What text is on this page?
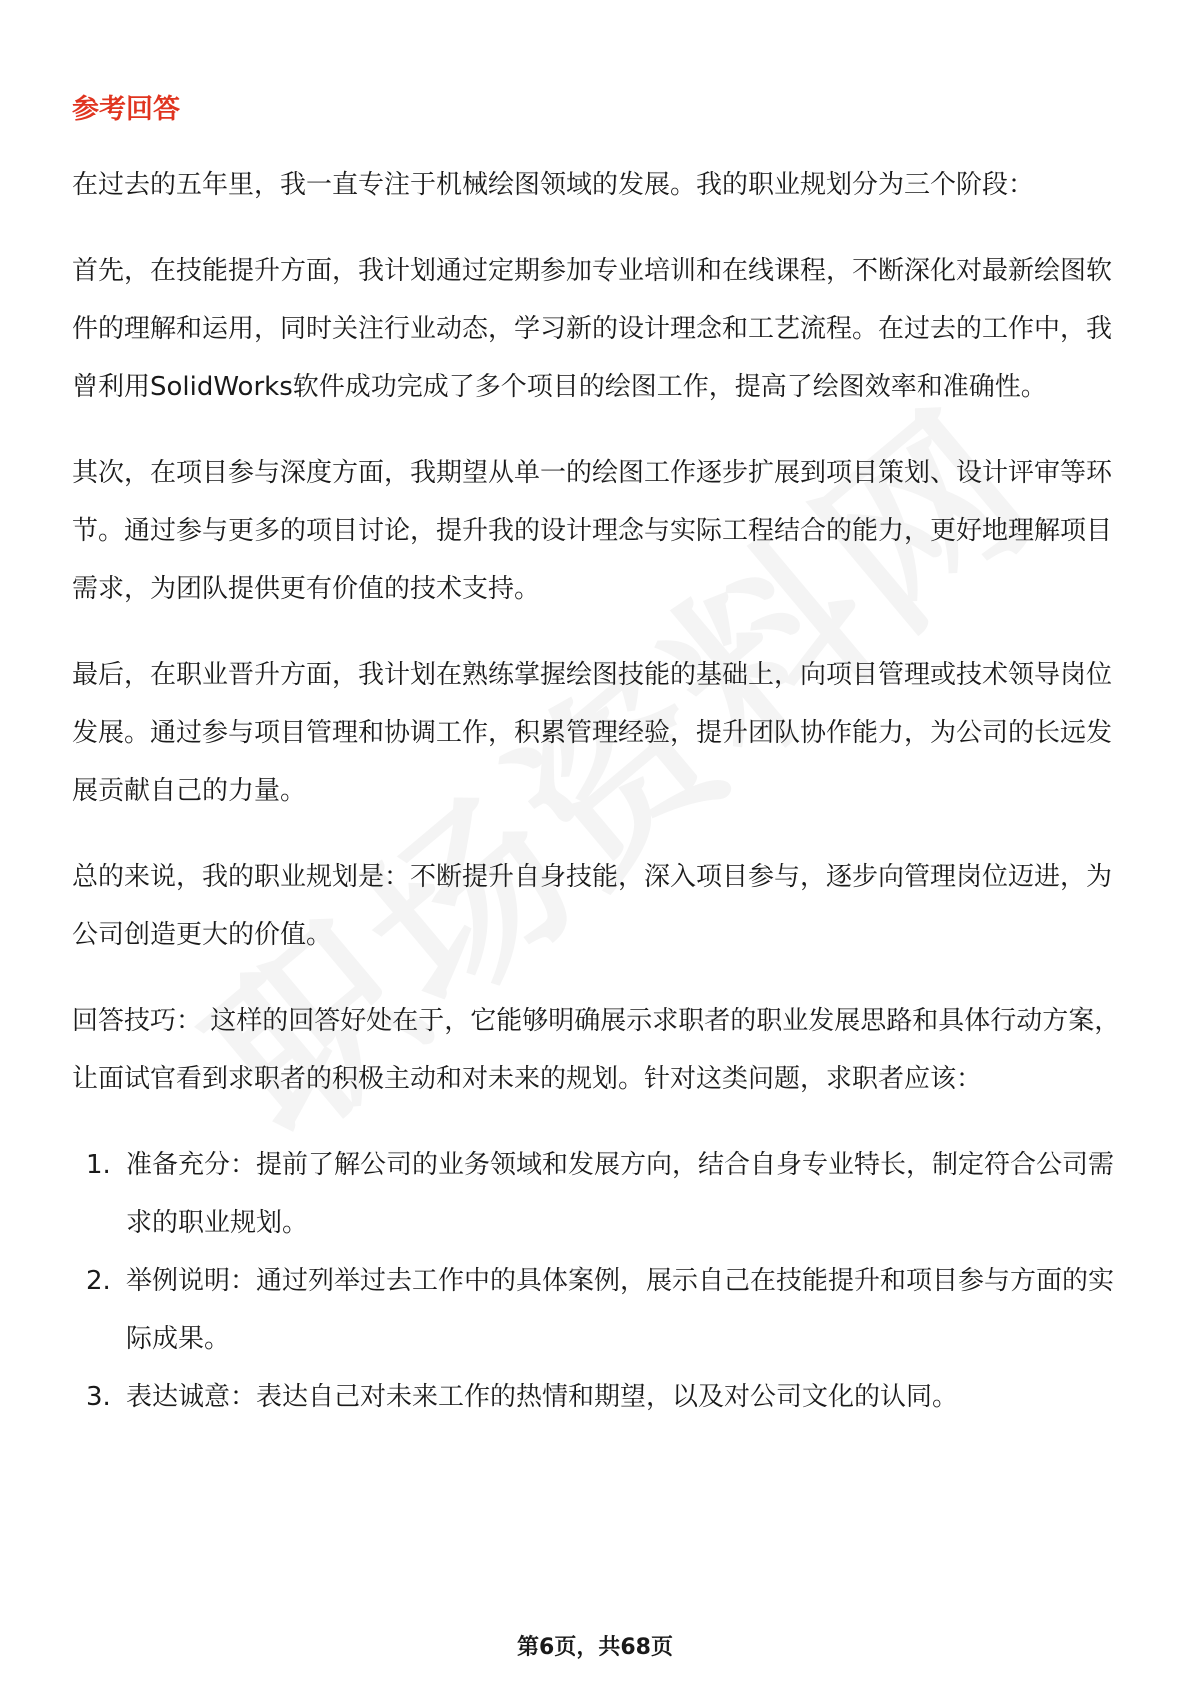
参考回答

在过去的五年里，我一直专注于机械绘图领域的发展。我的职业规划分为三个阶段：

首先，在技能提升方面，我计划通过定期参加专业培训和在线课程，不断深化对最新绘图软件的理解和运用，同时关注行业动态，学习新的设计理念和工艺流程。在过去的工作中，我曾利用SolidWorks软件成功完成了多个项目的绘图工作，提高了绘图效率和准确性。

其次，在项目参与深度方面，我期望从单一的绘图工作逐步扩展到项目策划、设计评审等环节。通过参与更多的项目讨论，提升我的设计理念与实际工程结合的能力，更好地理解项目需求，为团队提供更有价值的技术支持。

最后，在职业晋升方面，我计划在熟练掌握绘图技能的基础上，向项目管理或技术领导岗位发展。通过参与项目管理和协调工作，积累管理经验，提升团队协作能力，为公司的长远发展贡献自己的力量。

总的来说，我的职业规划是：不断提升自身技能，深入项目参与，逐步向管理岗位迈进，为公司创造更大的价值。

回答技巧： 这样的回答好处在于，它能够明确展示求职者的职业发展思路和具体行动方案，让面试官看到求职者的积极主动和对未来的规划。针对这类问题，求职者应该：

1. 准备充分：提前了解公司的业务领域和发展方向，结合自身专业特长，制定符合公司需求的职业规划。
2. 举例说明：通过列举过去工作中的具体案例，展示自己在技能提升和项目参与方面的实际成果。
3. 表达诚意：表达自己对未来工作的热情和期望，以及对公司文化的认同。
第6页，共68页
